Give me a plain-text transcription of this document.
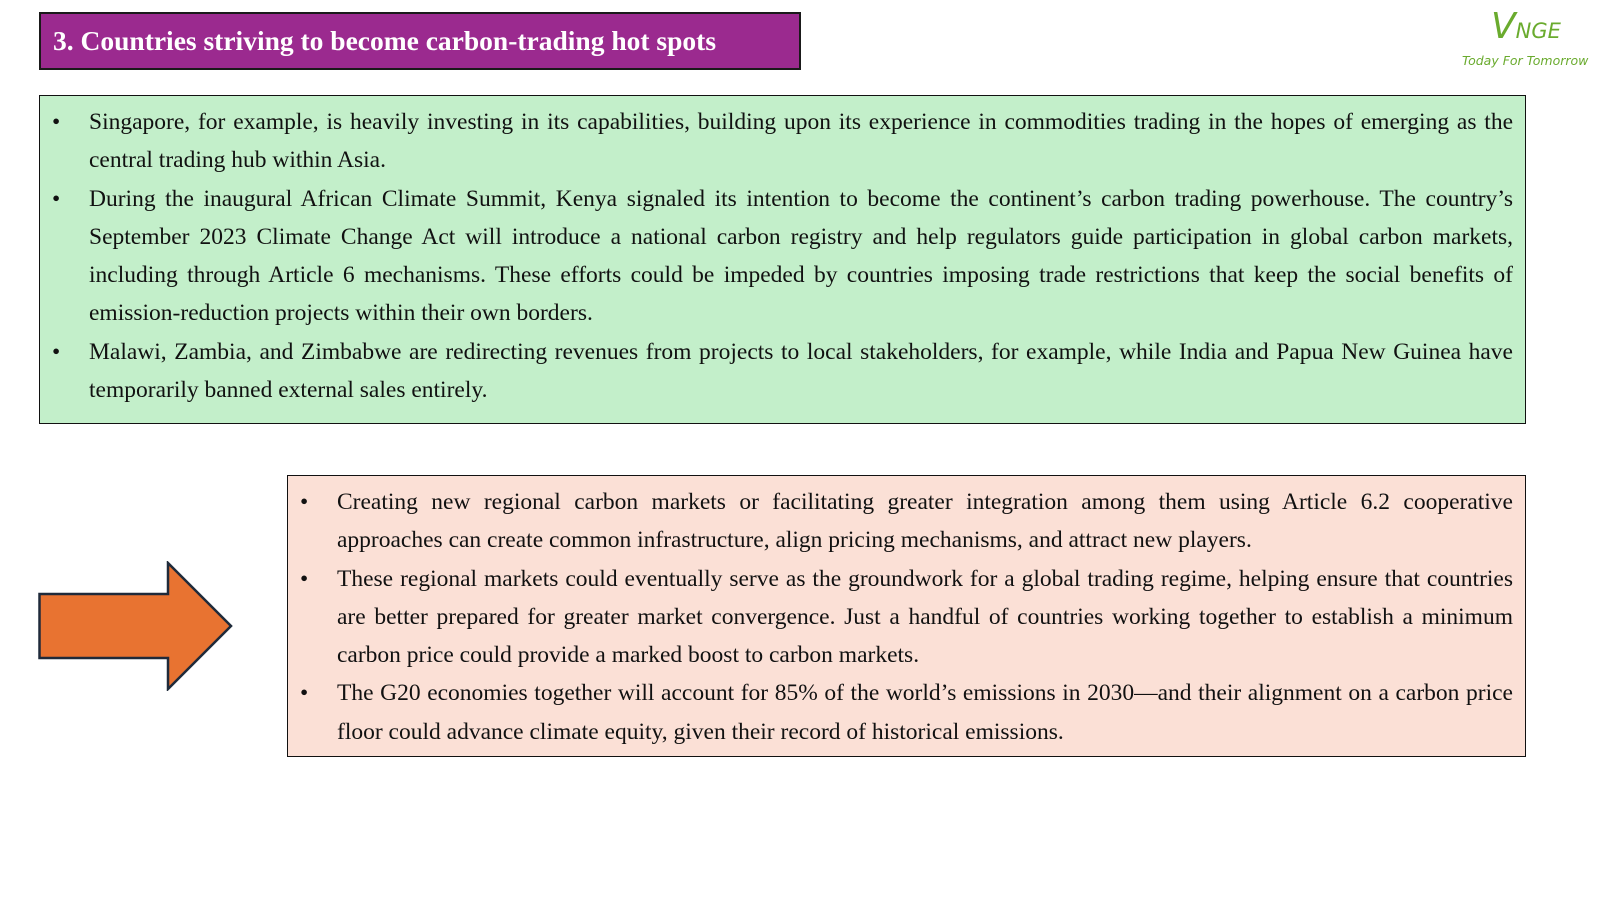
3. Countries striving to become carbon-trading hot spots	VNGE
Today For Tomorrow
• Singapore, for example, is heavily investing in its capabilities, building upon its experience in commodities trading in the hopes of emerging as the central trading hub within Asia.
• During the inaugural African Climate Summit, Kenya signaled its intention to become the continent’s carbon trading powerhouse. The country’s September 2023 Climate Change Act will introduce a national carbon registry and help regulators guide participation in global carbon markets, including through Article 6 mechanisms. These efforts could be impeded by countries imposing trade restrictions that keep the social benefits of emission-reduction projects within their own borders.
• Malawi, Zambia, and Zimbabwe are redirecting revenues from projects to local stakeholders, for example, while India and Papua New Guinea have temporarily banned external sales entirely.
• Creating new regional carbon markets or facilitating greater integration among them using Article 6.2 cooperative approaches can create common infrastructure, align pricing mechanisms, and attract new players.
• These regional markets could eventually serve as the groundwork for a global trading regime, helping ensure that countries are better prepared for greater market convergence. Just a handful of countries working together to establish a minimum carbon price could provide a marked boost to carbon markets.
• The G20 economies together will account for 85% of the world’s emissions in 2030—and their alignment on a carbon price floor could advance climate equity, given their record of historical emissions.
